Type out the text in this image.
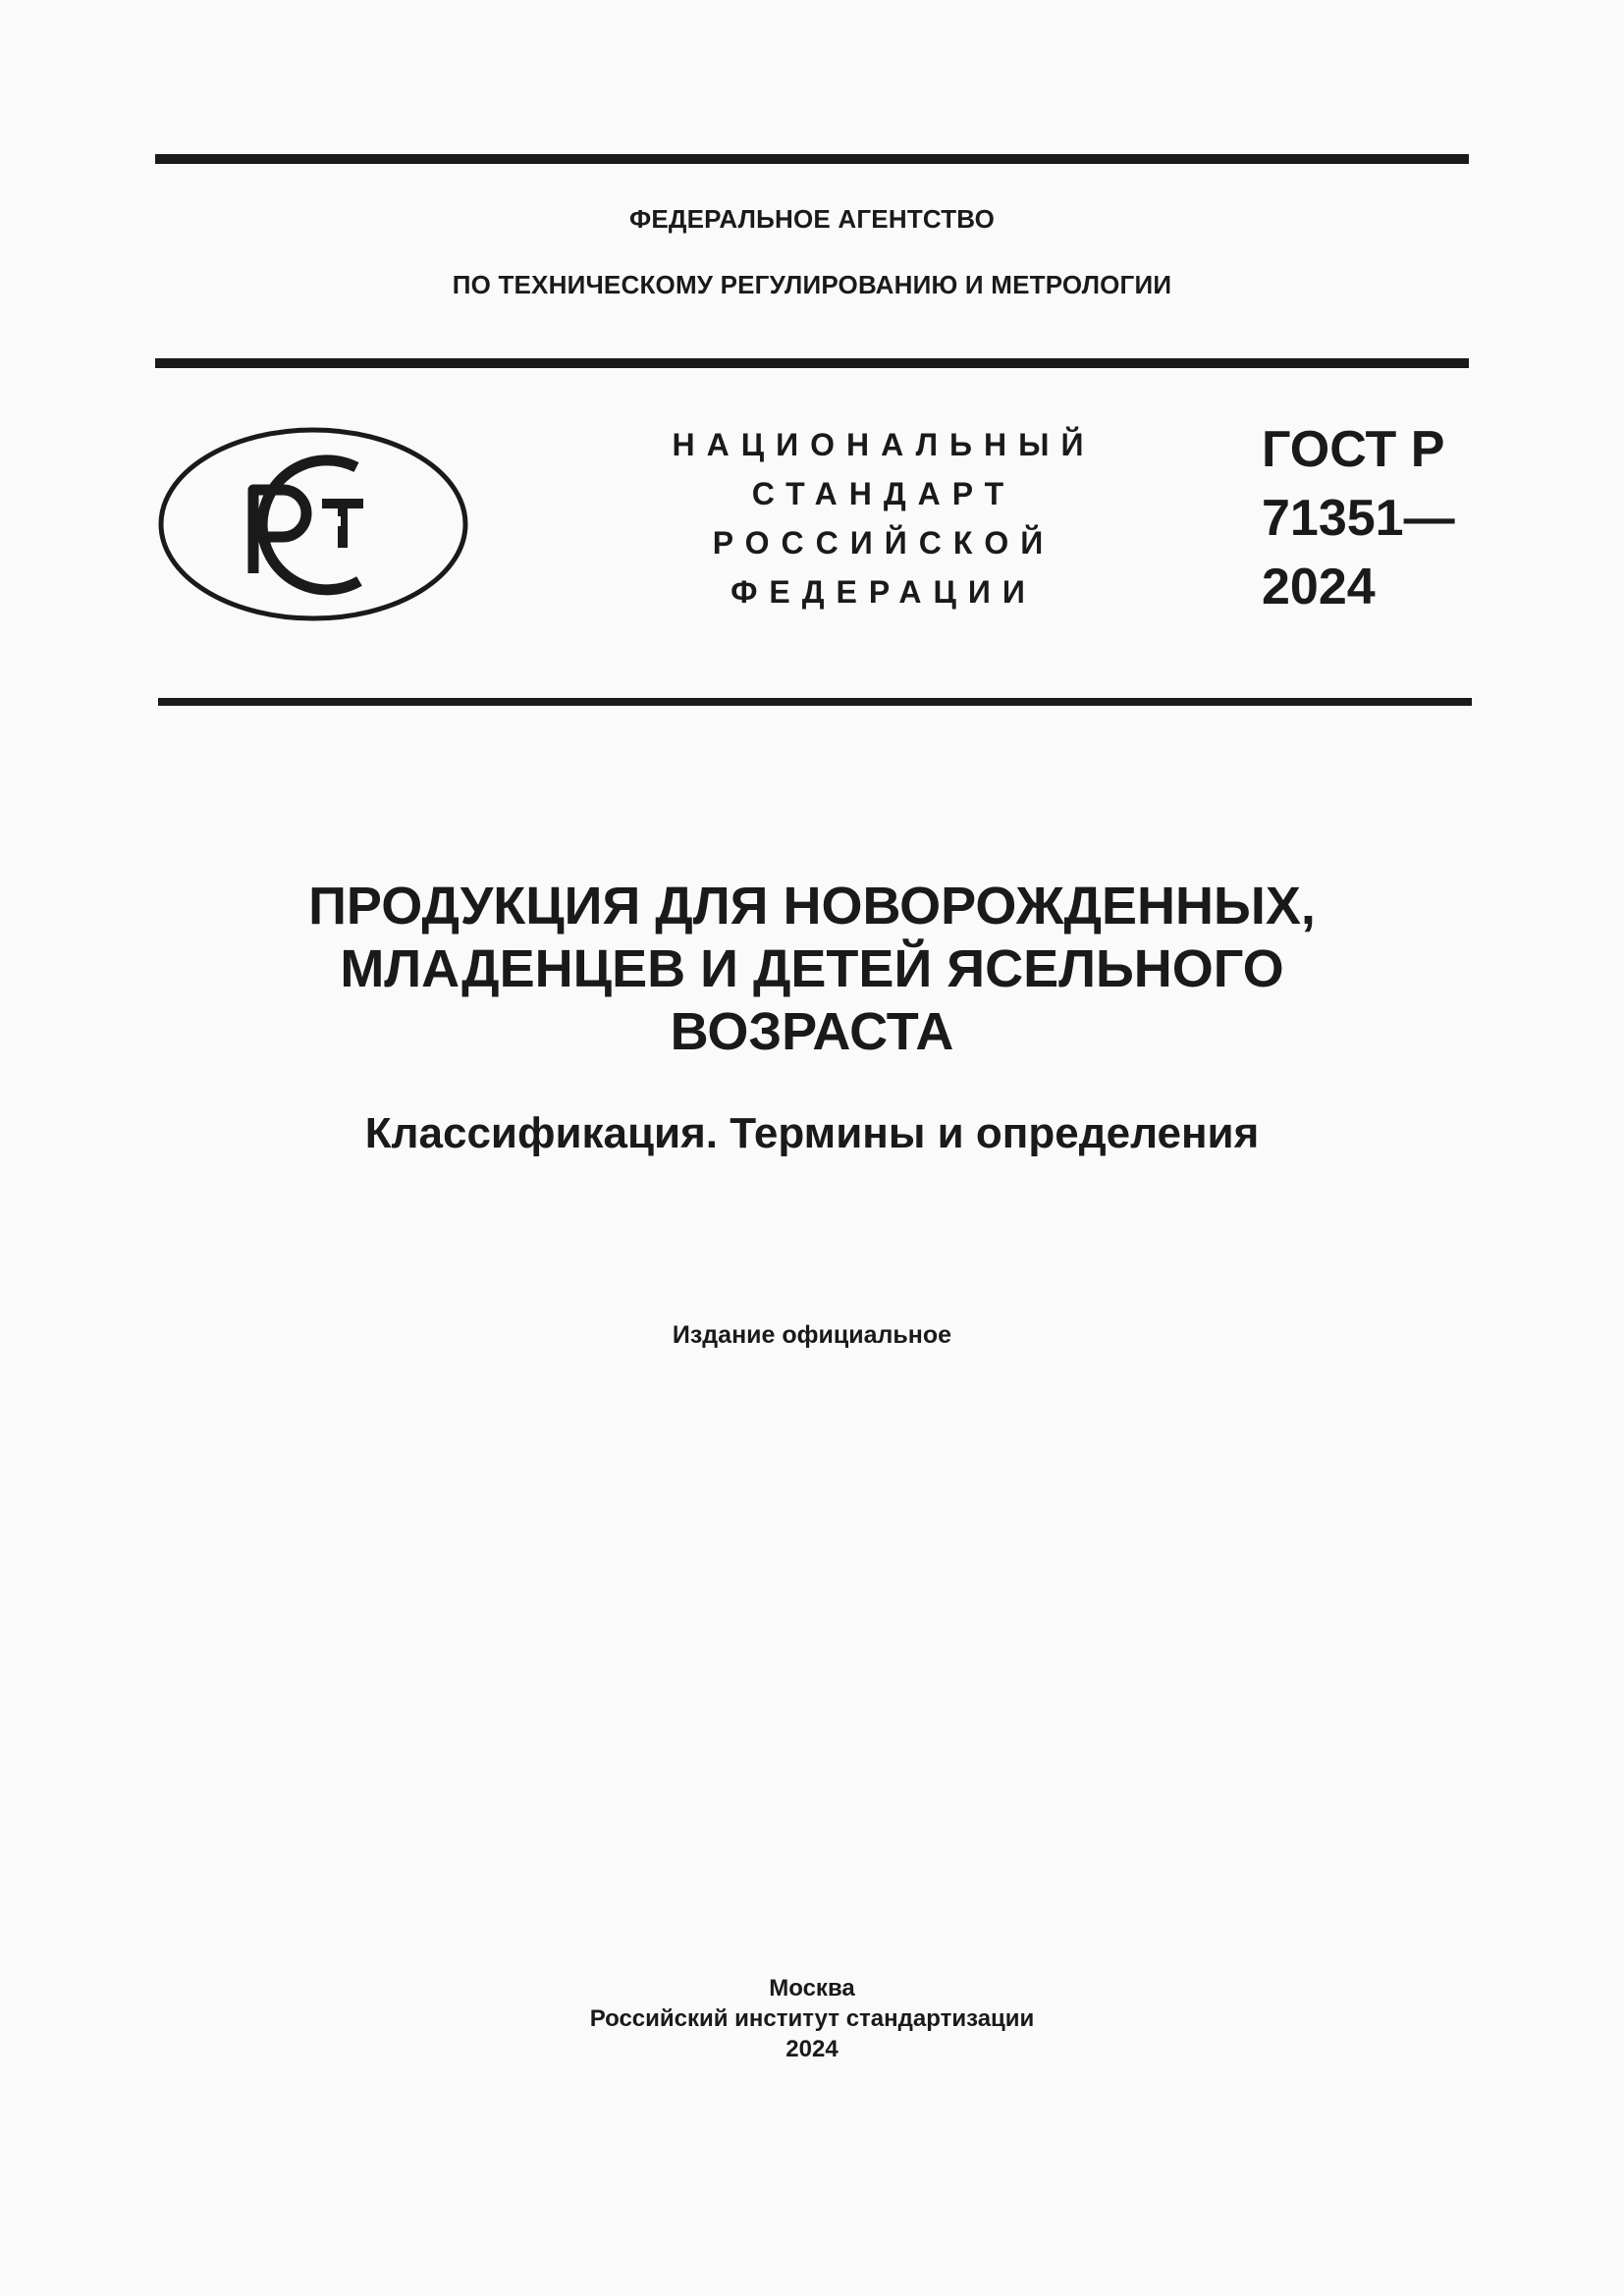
ФЕДЕРАЛЬНОЕ АГЕНТСТВО
ПО ТЕХНИЧЕСКОМУ РЕГУЛИРОВАНИЮ И МЕТРОЛОГИИ
НАЦИОНАЛЬНЫЙ
СТАНДАРТ
РОССИЙСКОЙ
ФЕДЕРАЦИИ
ГОСТ Р
71351—
2024
ПРОДУКЦИЯ ДЛЯ НОВОРОЖДЕННЫХ,
МЛАДЕНЦЕВ И ДЕТЕЙ ЯСЕЛЬНОГО
ВОЗРАСТА
Классификация. Термины и определения
Издание официальное
Москва
Российский институт стандартизации
2024
